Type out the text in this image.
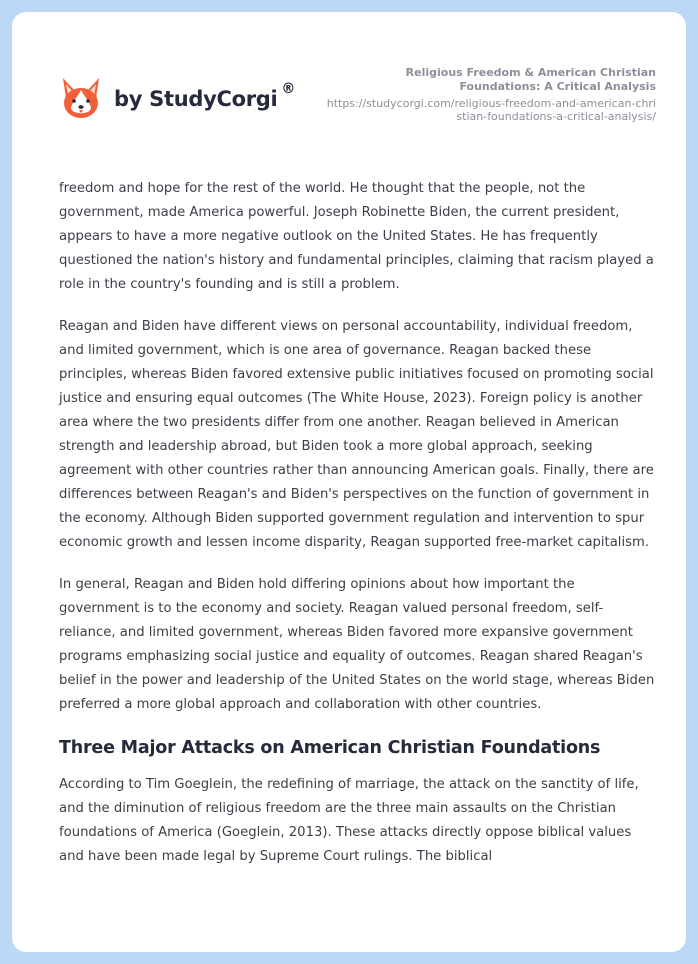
by StudyCorgi ®
Religious Freedom & American Christian Foundations: A Critical Analysis
https://studycorgi.com/religious-freedom-and-american-christian-foundations-a-critical-analysis/

freedom and hope for the rest of the world. He thought that the people, not the government, made America powerful. Joseph Robinette Biden, the current president, appears to have a more negative outlook on the United States. He has frequently questioned the nation's history and fundamental principles, claiming that racism played a role in the country's founding and is still a problem.

Reagan and Biden have different views on personal accountability, individual freedom, and limited government, which is one area of governance. Reagan backed these principles, whereas Biden favored extensive public initiatives focused on promoting social justice and ensuring equal outcomes (The White House, 2023). Foreign policy is another area where the two presidents differ from one another. Reagan believed in American strength and leadership abroad, but Biden took a more global approach, seeking agreement with other countries rather than announcing American goals. Finally, there are differences between Reagan's and Biden's perspectives on the function of government in the economy. Although Biden supported government regulation and intervention to spur economic growth and lessen income disparity, Reagan supported free-market capitalism.

In general, Reagan and Biden hold differing opinions about how important the government is to the economy and society. Reagan valued personal freedom, self-reliance, and limited government, whereas Biden favored more expansive government programs emphasizing social justice and equality of outcomes. Reagan shared Reagan's belief in the power and leadership of the United States on the world stage, whereas Biden preferred a more global approach and collaboration with other countries.

Three Major Attacks on American Christian Foundations

According to Tim Goeglein, the redefining of marriage, the attack on the sanctity of life, and the diminution of religious freedom are the three main assaults on the Christian foundations of America (Goeglein, 2013). These attacks directly oppose biblical values and have been made legal by Supreme Court rulings. The biblical
